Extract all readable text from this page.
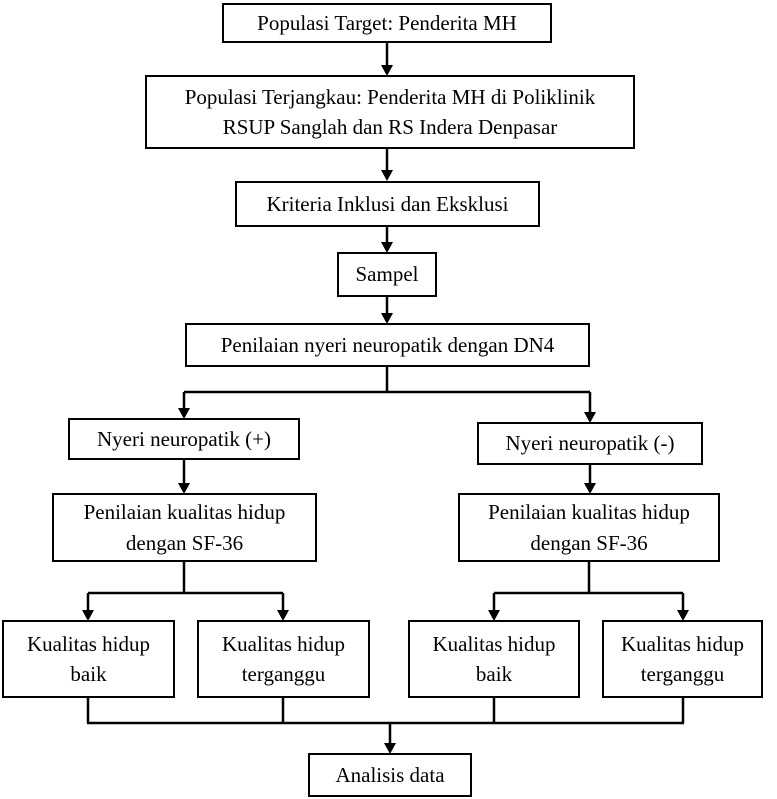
Populasi Target: Penderita MH
Populasi Terjangkau: Penderita MH di Poliklinik
RSUP Sanglah dan RS Indera Denpasar
Kriteria Inklusi dan Eksklusi
Sampel
Penilaian nyeri neuropatik dengan DN4
Nyeri neuropatik (+)	Nyeri neuropatik (-)
Penilaian kualitas hidup
dengan SF-36
Penilaian kualitas hidup
dengan SF-36
Kualitas hidup
baik
Kualitas hidup
terganggu
Kualitas hidup
baik
Kualitas hidup
terganggu
Analisis data
